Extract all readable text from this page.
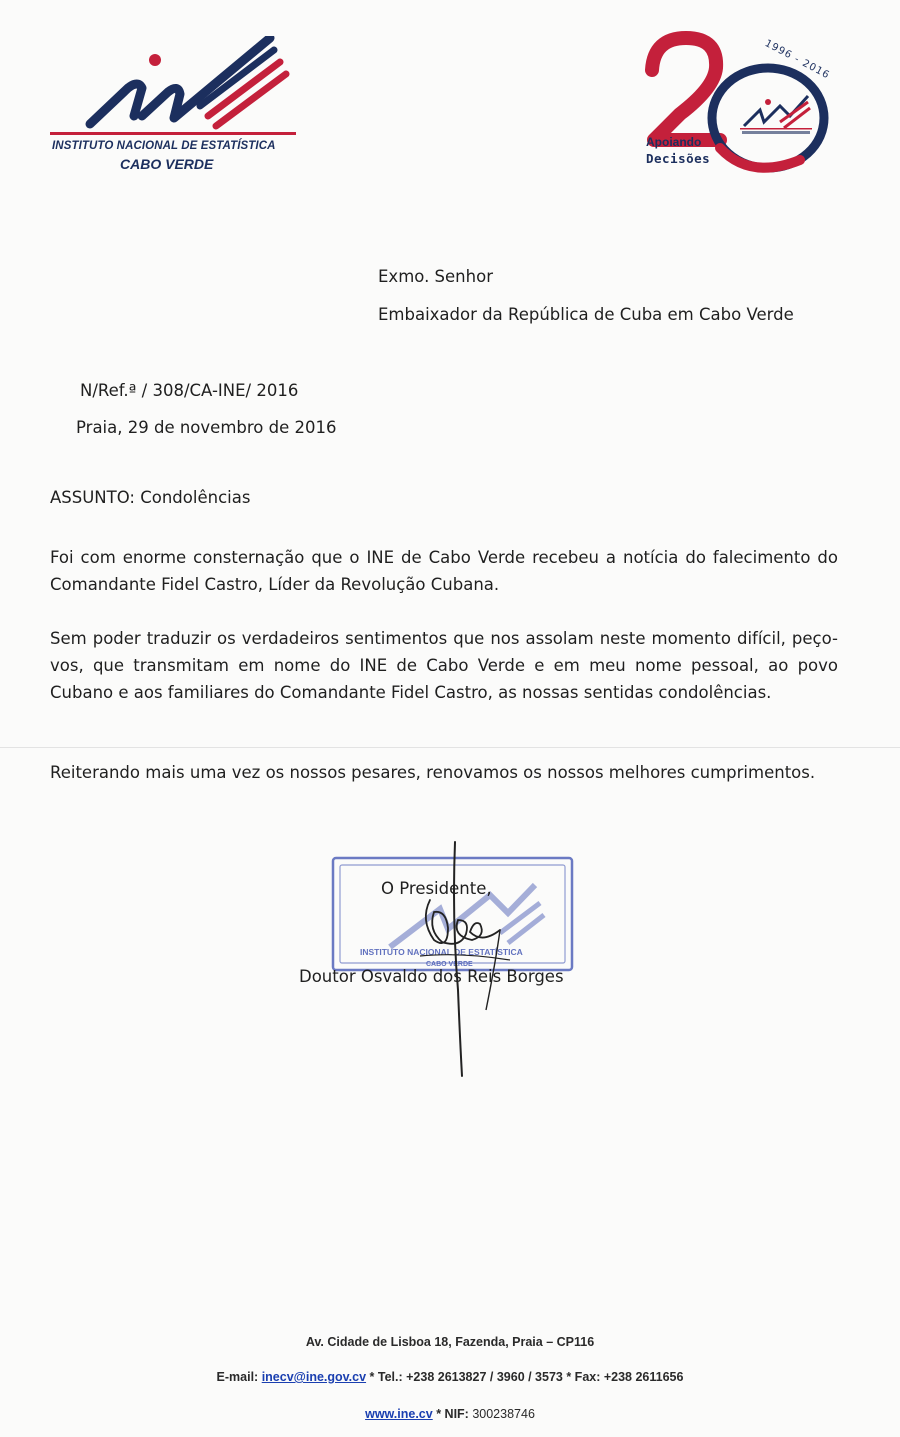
INSTITUTO NACIONAL DE ESTATÍSTICA
CABO VERDE
1996 - 2016
Apoiando
Decisões
Exmo. Senhor
Embaixador da República de Cuba em Cabo Verde
N/Ref.ª / 308/CA-INE/ 2016
Praia, 29 de novembro de 2016
ASSUNTO: Condolências
Foi com enorme consternação que o INE de Cabo Verde recebeu a notícia do falecimento do Comandante Fidel Castro, Líder da Revolução Cubana.
Sem poder traduzir os verdadeiros sentimentos que nos assolam neste momento difícil, peço-vos, que transmitam em nome do INE de Cabo Verde e em meu nome pessoal, ao povo Cubano e aos familiares do Comandante Fidel Castro, as nossas sentidas condolências.
Reiterando mais uma vez os nossos pesares, renovamos os nossos melhores cumprimentos.
INSTITUTO NACIONAL DE ESTATÍSTICA
CABO VERDE
O Presidente,
Doutor Osvaldo dos Reis Borges
Av. Cidade de Lisboa 18, Fazenda, Praia – CP116
E-mail: inecv@ine.gov.cv * Tel.: +238 2613827 / 3960 / 3573 * Fax: +238 2611656
www.ine.cv * NIF: 300238746
